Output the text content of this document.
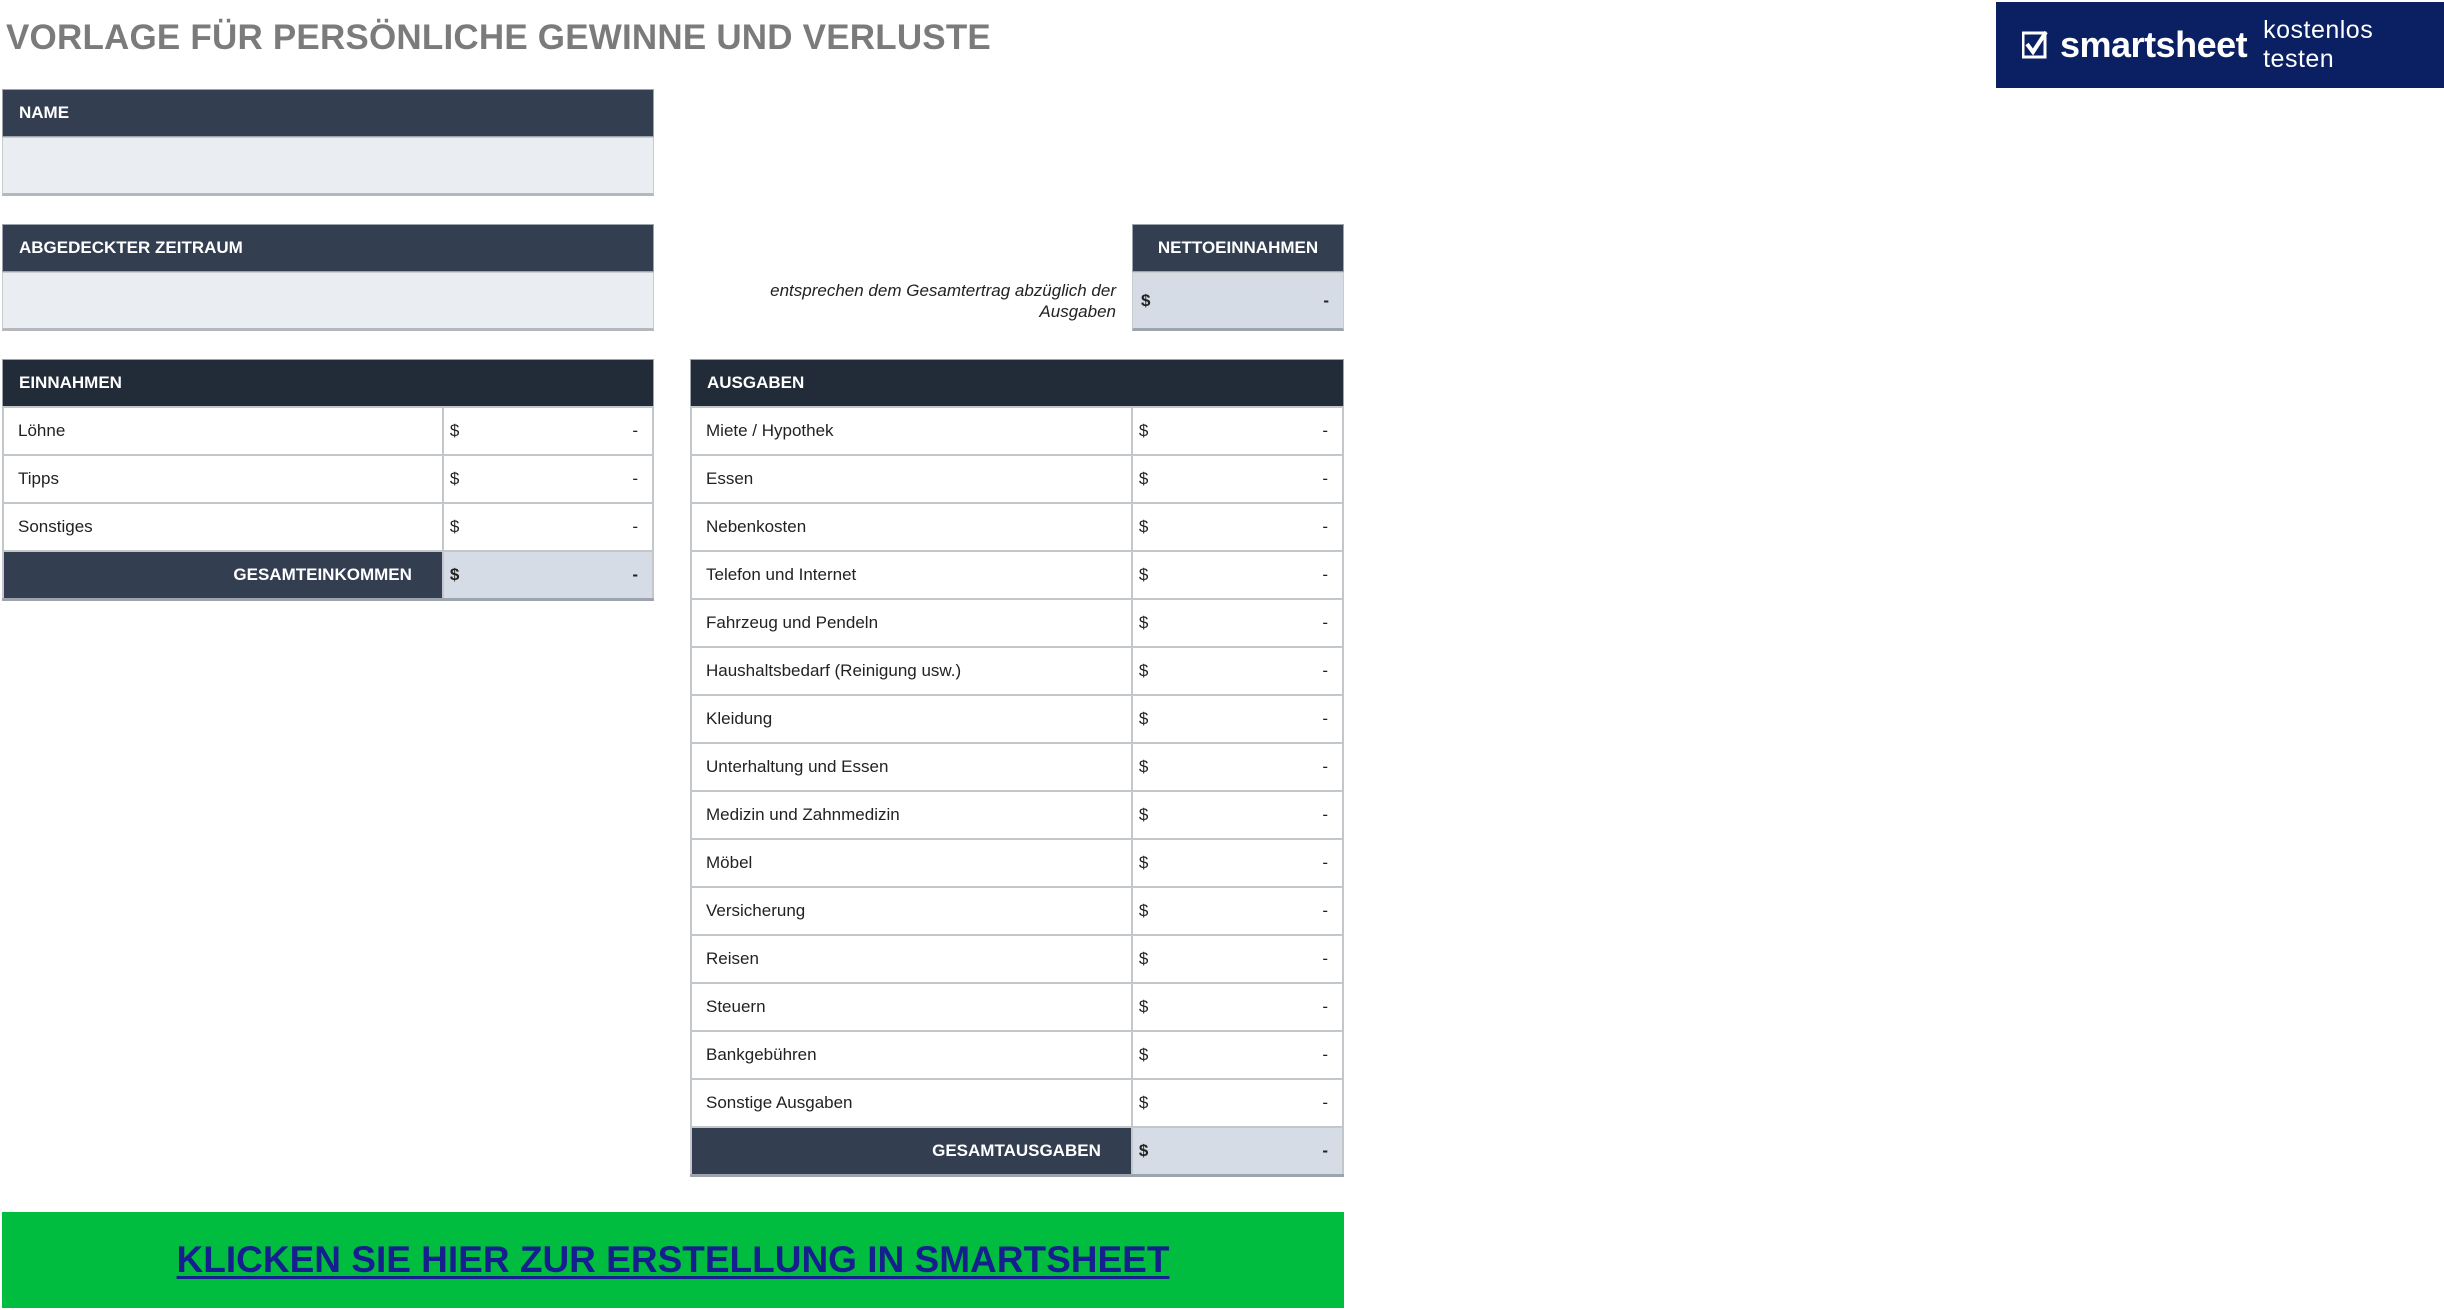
VORLAGE FÜR PERSÖNLICHE GEWINNE UND VERLUSTE	smartsheet kostenlos testen
NAME
ABGEDECKTER ZEITRAUM
entsprechen dem Gesamtertrag abzüglich der Ausgaben
NETTOEINNAHMEN
$	-
EINNAHMEN
Löhne	$ -

Tipps	$ -

Sonstiges	$ -

GESAMTEINKOMMEN	$ -
AUSGABEN
Miete / Hypothek	$ -

Essen	$ -

Nebenkosten	$ -

Telefon und Internet	$ -

Fahrzeug und Pendeln	$ -

Haushaltsbedarf (Reinigung usw.)	$ -

Kleidung	$ -

Unterhaltung und Essen	$ -

Medizin und Zahnmedizin	$ -

Möbel	$ -

Versicherung	$ -

Reisen	$ -

Steuern	$ -

Bankgebühren	$ -

Sonstige Ausgaben	$ -

GESAMTAUSGABEN	$ -
KLICKEN SIE HIER ZUR ERSTELLUNG IN SMARTSHEET
